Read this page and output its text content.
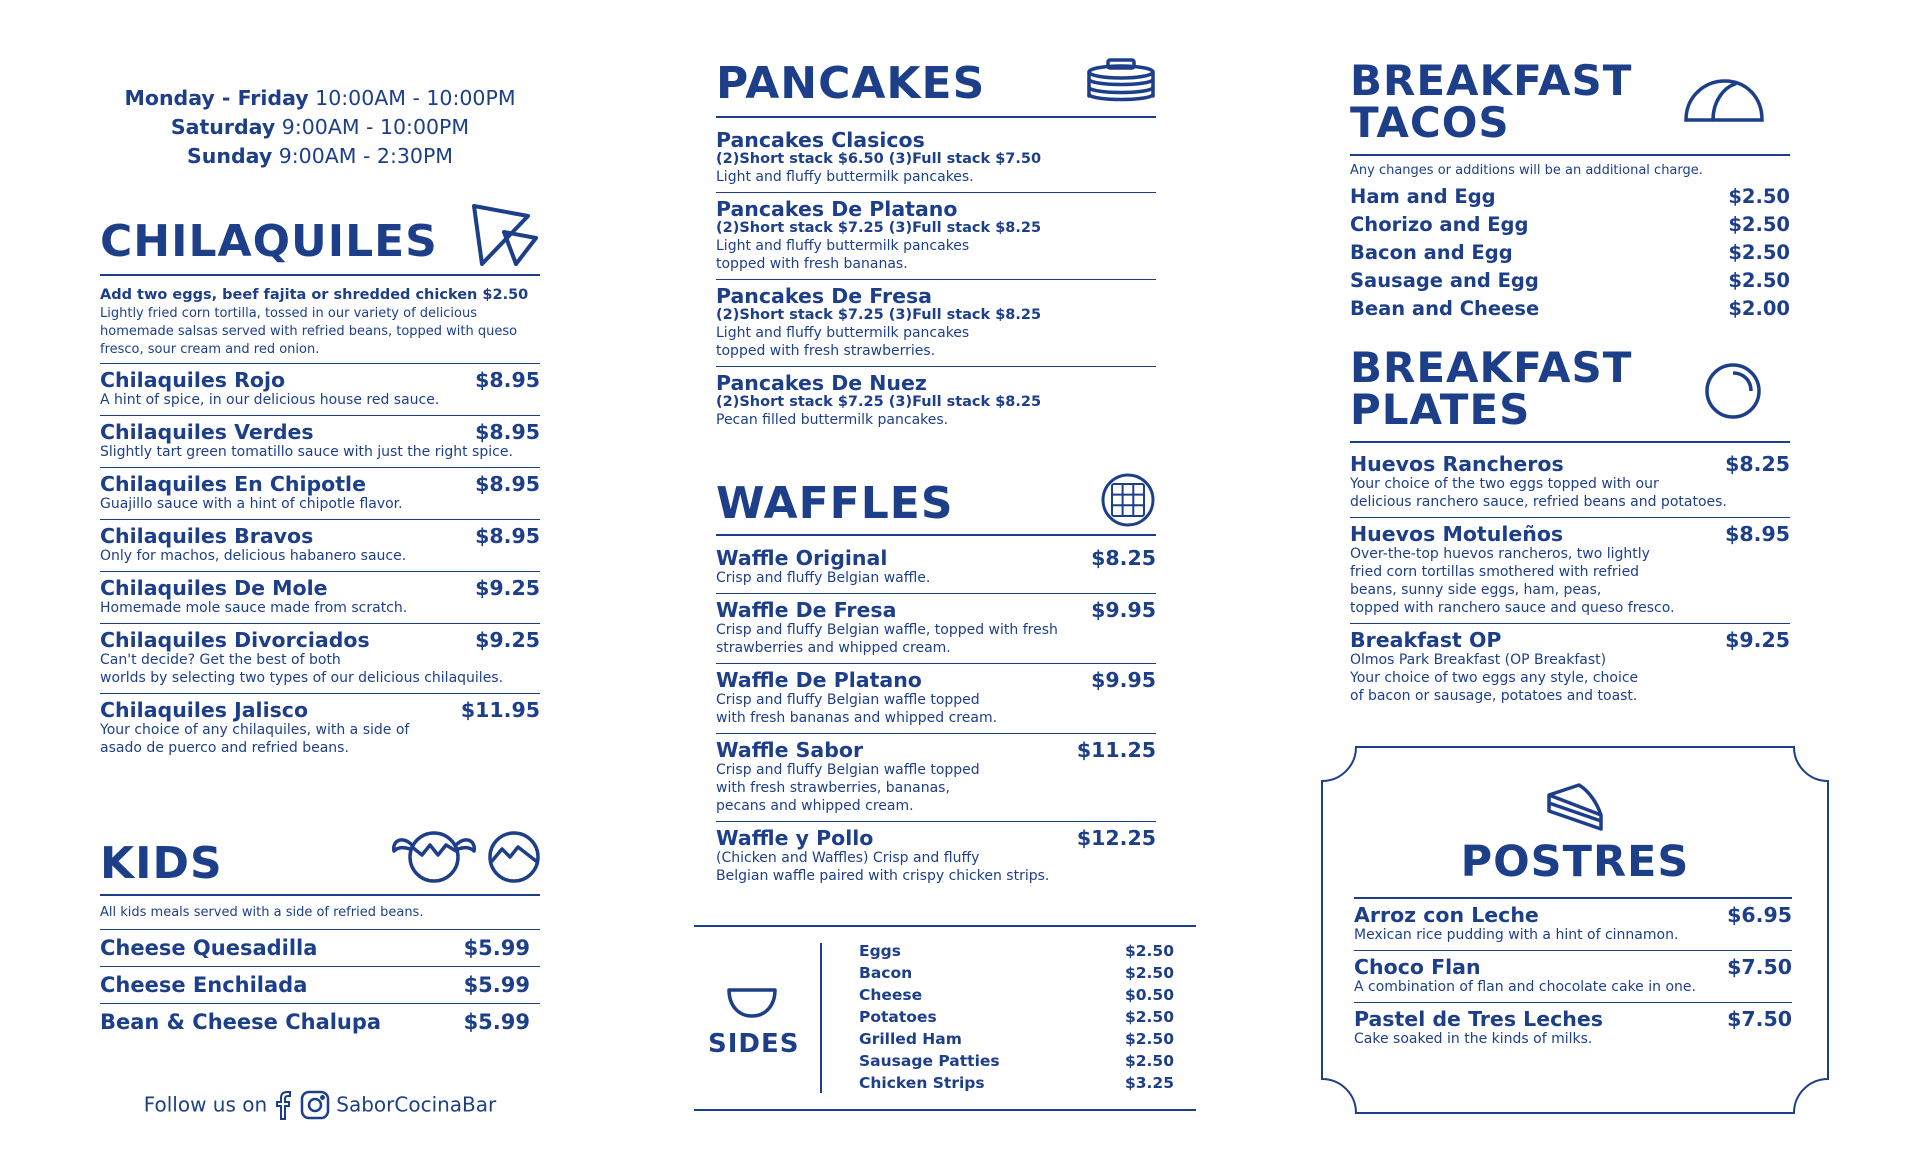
Monday - Friday 10:00AM - 10:00PM
Saturday 9:00AM - 10:00PM
Sunday 9:00AM - 2:30PM
CHILAQUILES
Add two eggs, beef fajita or shredded chicken $2.50
Lightly fried corn tortilla, tossed in our variety of delicious homemade salsas served with refried beans, topped with queso fresco, sour cream and red onion.
Chilaquiles Rojo	$8.95
A hint of spice, in our delicious house red sauce.
Chilaquiles Verdes	$8.95
Slightly tart green tomatillo sauce with just the right spice.
Chilaquiles En Chipotle	$8.95
Guajillo sauce with a hint of chipotle flavor.
Chilaquiles Bravos	$8.95
Only for machos, delicious habanero sauce.
Chilaquiles De Mole	$9.25
Homemade mole sauce made from scratch.
Chilaquiles Divorciados	$9.25
Can't decide? Get the best of both
worlds by selecting two types of our delicious chilaquiles.
Chilaquiles Jalisco	$11.95
Your choice of any chilaquiles, with a side of
asado de puerco and refried beans.
KIDS
All kids meals served with a side of refried beans.
Cheese Quesadilla	$5.99
Cheese Enchilada	$5.99
Bean & Cheese Chalupa	$5.99
Follow us on	SaborCocinaBar
PANCAKES
Pancakes Clasicos
(2)Short stack $6.50 (3)Full stack $7.50
Light and fluffy buttermilk pancakes.
Pancakes De Platano
(2)Short stack $7.25 (3)Full stack $8.25
Light and fluffy buttermilk pancakes
topped with fresh bananas.
Pancakes De Fresa
(2)Short stack $7.25 (3)Full stack $8.25
Light and fluffy buttermilk pancakes
topped with fresh strawberries.
Pancakes De Nuez
(2)Short stack $7.25 (3)Full stack $8.25
Pecan filled buttermilk pancakes.
WAFFLES
Waffle Original	$8.25
Crisp and fluffy Belgian waffle.
Waffle De Fresa	$9.95
Crisp and fluffy Belgian waffle, topped with fresh
strawberries and whipped cream.
Waffle De Platano	$9.95
Crisp and fluffy Belgian waffle topped
with fresh bananas and whipped cream.
Waffle Sabor	$11.25
Crisp and fluffy Belgian waffle topped
with fresh strawberries, bananas,
pecans and whipped cream.
Waffle y Pollo	$12.25
(Chicken and Waffles) Crisp and fluffy
Belgian waffle paired with crispy chicken strips.
SIDES
Eggs	$2.50
Bacon	$2.50
Cheese	$0.50
Potatoes	$2.50
Grilled Ham	$2.50
Sausage Patties	$2.50
Chicken Strips	$3.25
BREAKFAST
TACOS
Any changes or additions will be an additional charge.
Ham and Egg	$2.50
Chorizo and Egg	$2.50
Bacon and Egg	$2.50
Sausage and Egg	$2.50
Bean and Cheese	$2.00
BREAKFAST
PLATES
Huevos Rancheros	$8.25
Your choice of the two eggs topped with our
delicious ranchero sauce, refried beans and potatoes.
Huevos Motuleños	$8.95
Over-the-top huevos rancheros, two lightly
fried corn tortillas smothered with refried
beans, sunny side eggs, ham, peas,
topped with ranchero sauce and queso fresco.
Breakfast OP	$9.25
Olmos Park Breakfast (OP Breakfast)
Your choice of two eggs any style, choice
of bacon or sausage, potatoes and toast.
POSTRES
Arroz con Leche	$6.95
Mexican rice pudding with a hint of cinnamon.
Choco Flan	$7.50
A combination of flan and chocolate cake in one.
Pastel de Tres Leches	$7.50
Cake soaked in the kinds of milks.
